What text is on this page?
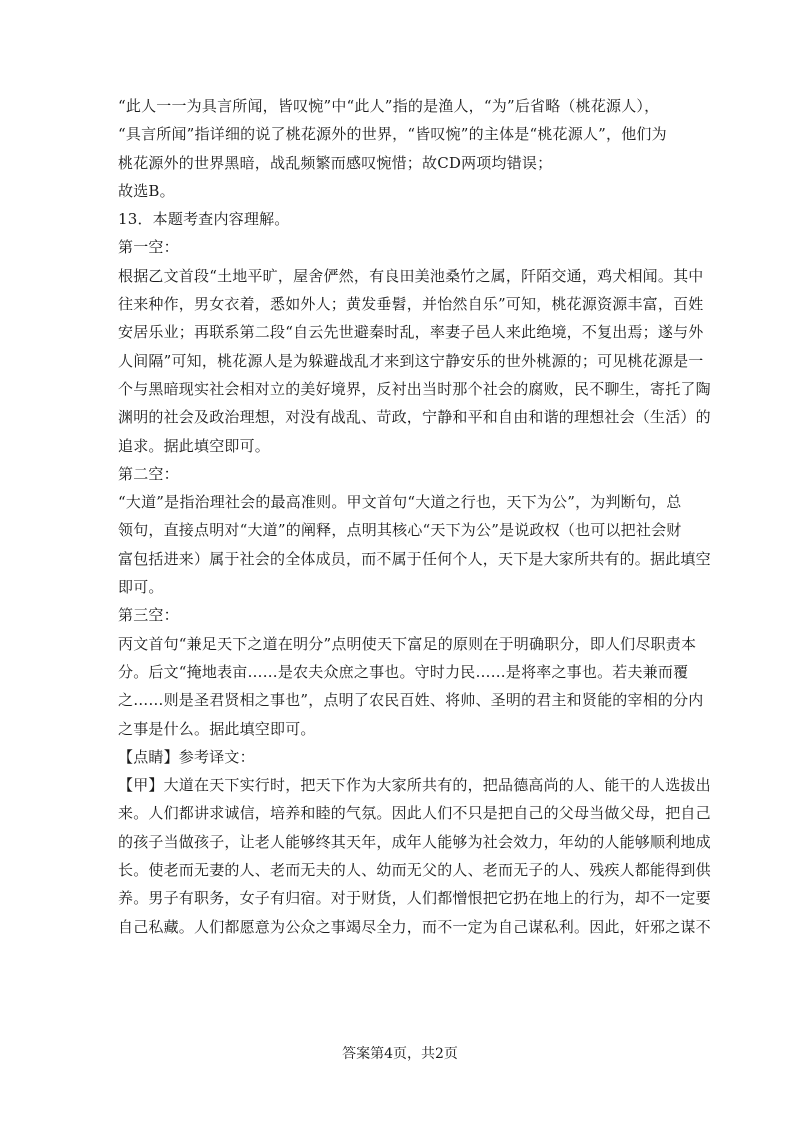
“此人一一为具言所闻，皆叹惋”中“此人”指的是渔人，“为”后省略（桃花源人），
“具言所闻”指详细的说了桃花源外的世界，“皆叹惋”的主体是“桃花源人”，他们为
桃花源外的世界黑暗，战乱频繁而感叹惋惜；故CD两项均错误；
故选B。
13．本题考查内容理解。
第一空：
根据乙文首段“土地平旷，屋舍俨然，有良田美池桑竹之属，阡陌交通，鸡犬相闻。其中
往来种作，男女衣着，悉如外人；黄发垂髫，并怡然自乐”可知，桃花源资源丰富，百姓
安居乐业；再联系第二段“自云先世避秦时乱，率妻子邑人来此绝境，不复出焉；遂与外
人间隔”可知，桃花源人是为躲避战乱才来到这宁静安乐的世外桃源的；可见桃花源是一
个与黑暗现实社会相对立的美好境界，反衬出当时那个社会的腐败，民不聊生，寄托了陶
渊明的社会及政治理想，对没有战乱、苛政，宁静和平和自由和谐的理想社会（生活）的
追求。据此填空即可。
第二空：
“大道”是指治理社会的最高准则。甲文首句“大道之行也，天下为公”，为判断句，总
领句，直接点明对“大道”的阐释，点明其核心“天下为公”是说政权（也可以把社会财
富包括进来）属于社会的全体成员，而不属于任何个人，天下是大家所共有的。据此填空
即可。
第三空：
丙文首句“兼足天下之道在明分”点明使天下富足的原则在于明确职分，即人们尽职责本
分。后文“掩地表亩……是农夫众庶之事也。守时力民……是将率之事也。若夫兼而覆
之……则是圣君贤相之事也”，点明了农民百姓、将帅、圣明的君主和贤能的宰相的分内
之事是什么。据此填空即可。
【点睛】参考译文：
【甲】大道在天下实行时，把天下作为大家所共有的，把品德高尚的人、能干的人选拔出
来。人们都讲求诚信，培养和睦的气氛。因此人们不只是把自己的父母当做父母，把自己
的孩子当做孩子，让老人能够终其天年，成年人能够为社会效力，年幼的人能够顺利地成
长。使老而无妻的人、老而无夫的人、幼而无父的人、老而无子的人、残疾人都能得到供
养。男子有职务，女子有归宿。对于财货，人们都憎恨把它扔在地上的行为，却不一定要
自己私藏。人们都愿意为公众之事竭尽全力，而不一定为自己谋私利。因此，奸邪之谋不
答案第4页，共2页
